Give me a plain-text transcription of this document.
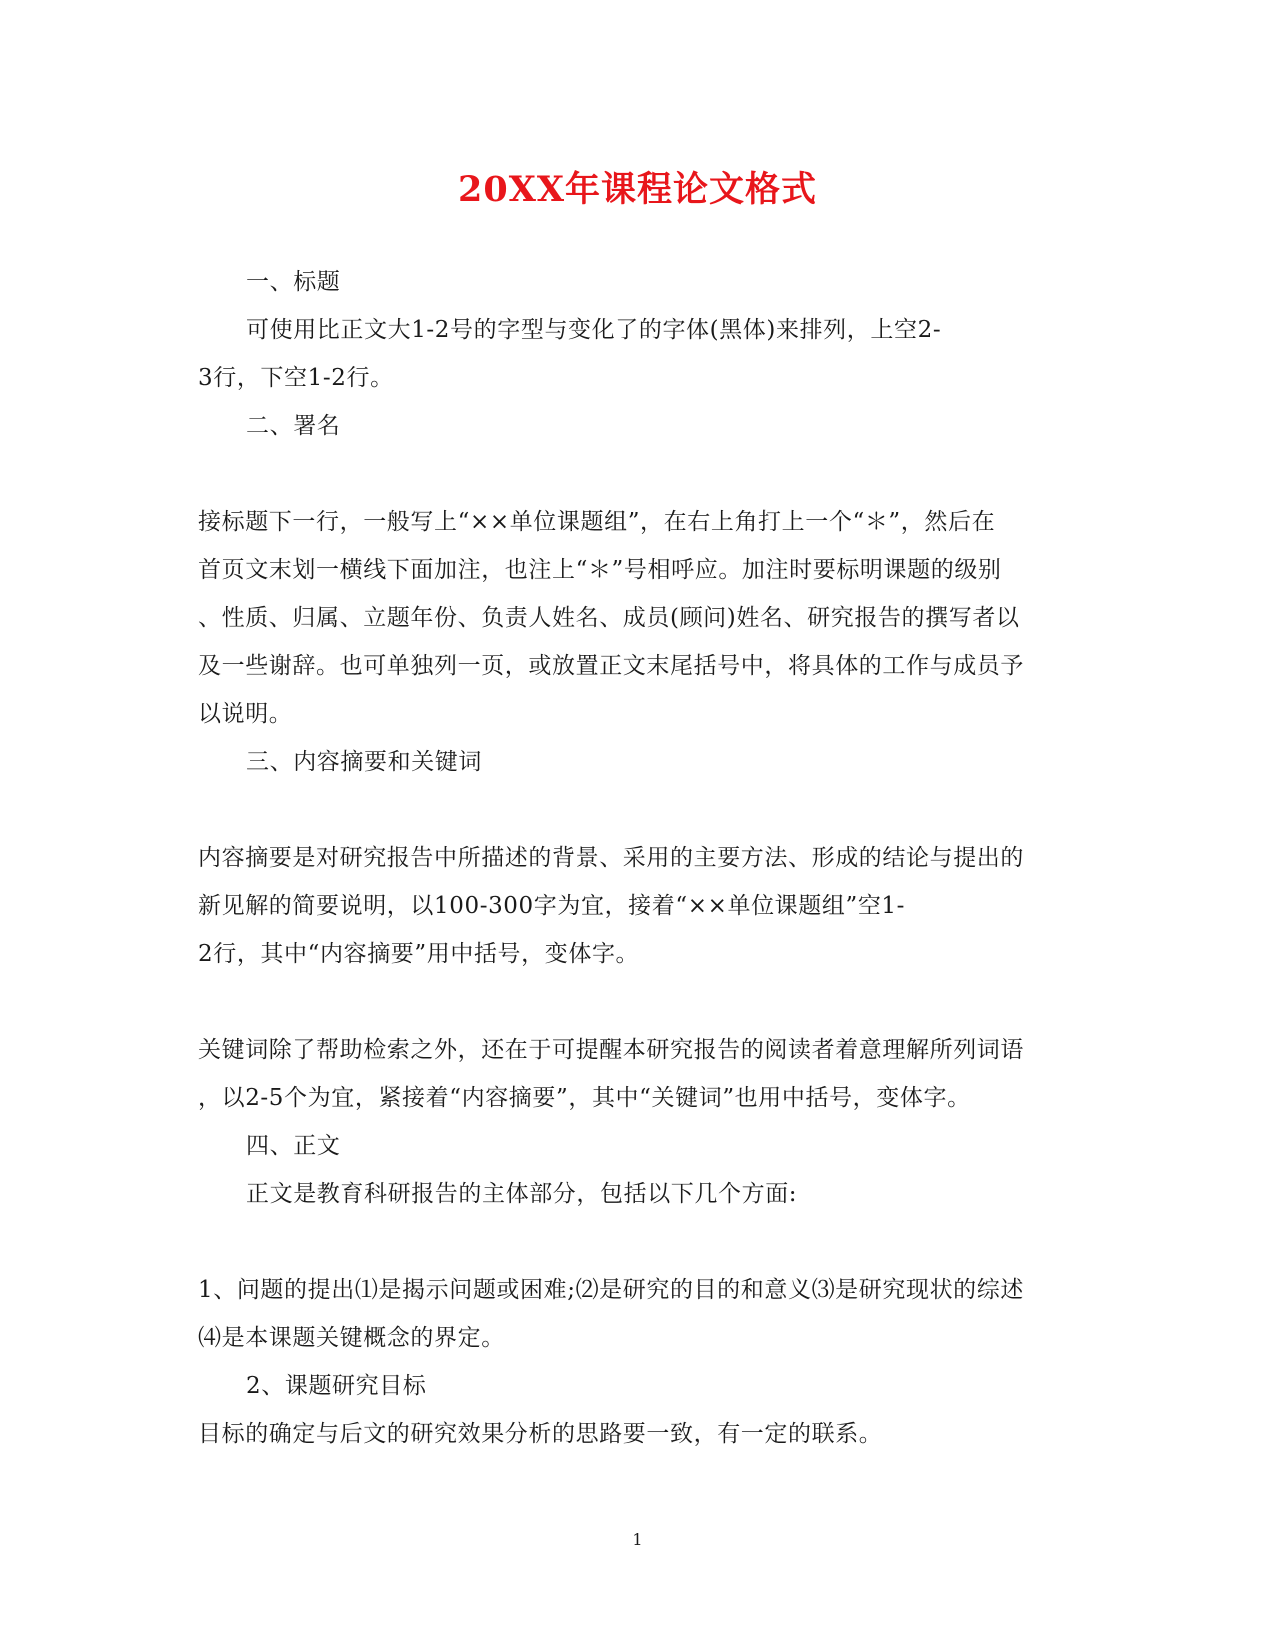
20XX年课程论文格式
一、标题
可使用比正文大1-2号的字型与变化了的字体(黑体)来排列，上空2-
3行，下空1-2行。
二、署名
接标题下一行，一般写上“××单位课题组”，在右上角打上一个“＊”，然后在
首页文末划一横线下面加注，也注上“＊”号相呼应。加注时要标明课题的级别
、性质、归属、立题年份、负责人姓名、成员(顾问)姓名、研究报告的撰写者以
及一些谢辞。也可单独列一页，或放置正文末尾括号中，将具体的工作与成员予
以说明。
三、内容摘要和关键词
内容摘要是对研究报告中所描述的背景、采用的主要方法、形成的结论与提出的
新见解的简要说明，以100-300字为宜，接着“××单位课题组”空1-
2行，其中“内容摘要”用中括号，变体字。
关键词除了帮助检索之外，还在于可提醒本研究报告的阅读者着意理解所列词语
，以2-5个为宜，紧接着“内容摘要”，其中“关键词”也用中括号，变体字。
四、正文
正文是教育科研报告的主体部分，包括以下几个方面:
1、问题的提出⑴是揭示问题或困难;⑵是研究的目的和意义⑶是研究现状的综述
⑷是本课题关键概念的界定。
2、课题研究目标
目标的确定与后文的研究效果分析的思路要一致，有一定的联系。
1
